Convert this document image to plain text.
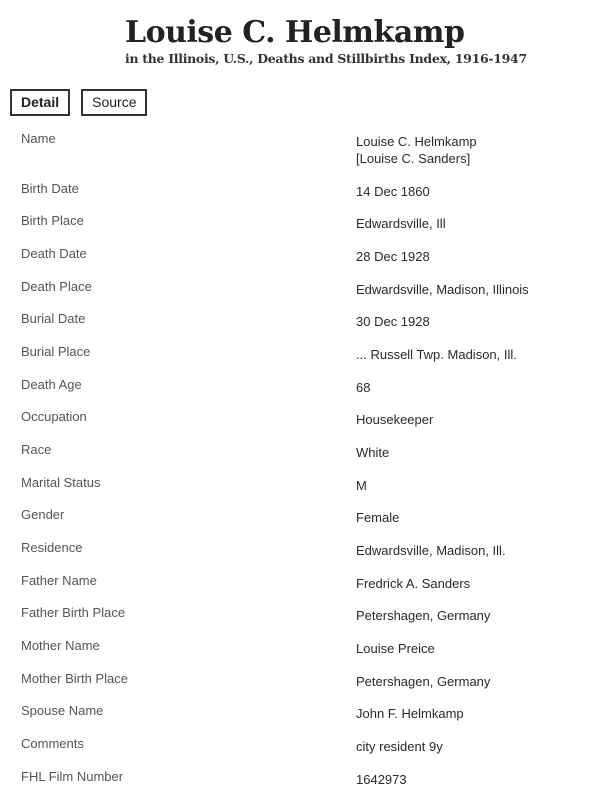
Louise C. Helmkamp
in the Illinois, U.S., Deaths and Stillbirths Index, 1916-1947
Detail	Source
Name	Louise C. Helmkamp
[Louise C. Sanders]
Birth Date	14 Dec 1860
Birth Place	Edwardsville, Ill
Death Date	28 Dec 1928
Death Place	Edwardsville, Madison, Illinois
Burial Date	30 Dec 1928
Burial Place	... Russell Twp. Madison, Ill.
Death Age	68
Occupation	Housekeeper
Race	White
Marital Status	M
Gender	Female
Residence	Edwardsville, Madison, Ill.
Father Name	Fredrick A. Sanders
Father Birth Place	Petershagen, Germany
Mother Name	Louise Preice
Mother Birth Place	Petershagen, Germany
Spouse Name	John F. Helmkamp
Comments	city resident 9y
FHL Film Number	1642973
